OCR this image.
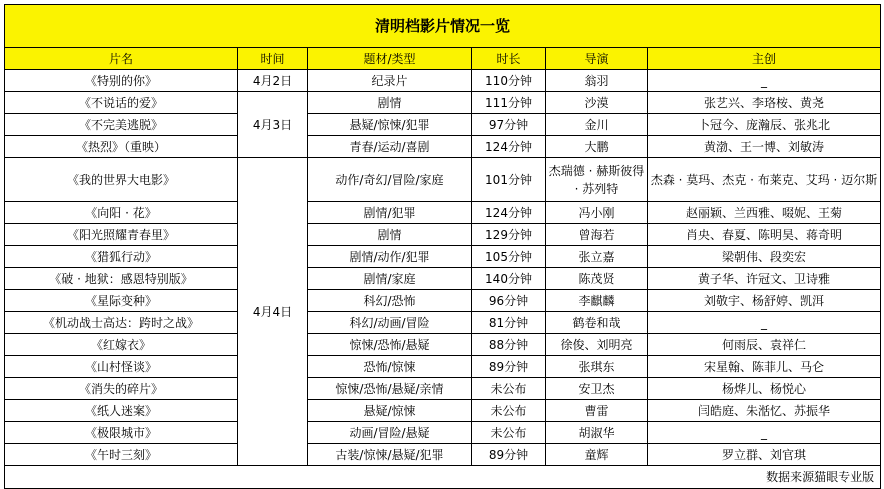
清明档影片情况一览					
片名	时间	题材/类型	时长	导演	主创
《特别的你》	4月2日	纪录片	110分钟	翁羽	_
《不说话的爱》	4月3日	剧情	111分钟	沙漠	张艺兴、李珞桉、黄尧
《不完美逃脱》		悬疑/惊悚/犯罪	97分钟	金川	卜冠今、庞瀚辰、张兆北
《热烈》（重映）		青春/运动/喜剧	124分钟	大鹏	黄渤、王一博、刘敏涛
《我的世界大电影》	4月4日	动作/奇幻/冒险/家庭	101分钟	杰瑞德 · 赫斯彼得 · 苏列特	杰森 · 莫玛、杰克 · 布莱克、艾玛 · 迈尔斯
《向阳 · 花》		剧情/犯罪	124分钟	冯小刚	赵丽颖、兰西雅、啜妮、王菊
《阳光照耀青春里》		剧情	129分钟	曾海若	肖央、春夏、陈明昊、蒋奇明
《猎狐行动》		剧情/动作/犯罪	105分钟	张立嘉	梁朝伟、段奕宏
《破 · 地狱：感恩特别版》		剧情/家庭	140分钟	陈茂贤	黄子华、许冠文、卫诗雅
《星际变种》		科幻/恐怖	96分钟	李麒麟	刘敬宇、杨舒婷、凯洱
《机动战士高达：跨时之战》		科幻/动画/冒险	81分钟	鹤卷和哉	_
《红嫁衣》		惊悚/恐怖/悬疑	88分钟	徐俊、刘明亮	何雨辰、袁祥仁
《山村怪谈》		恐怖/惊悚	89分钟	张琪东	宋星翰、陈菲儿、马仑
《消失的碎片》		惊悚/恐怖/悬疑/亲情	未公布	安卫杰	杨烨儿、杨悦心
《纸人迷案》		悬疑/惊悚	未公布	曹雷	闫皓庭、朱湉忆、苏振华
《极限城市》		动画/冒险/悬疑	未公布	胡淑华	_
《午时三刻》		古装/惊悚/悬疑/犯罪	89分钟	童辉	罗立群、刘官琪
数据来源猫眼专业版					
